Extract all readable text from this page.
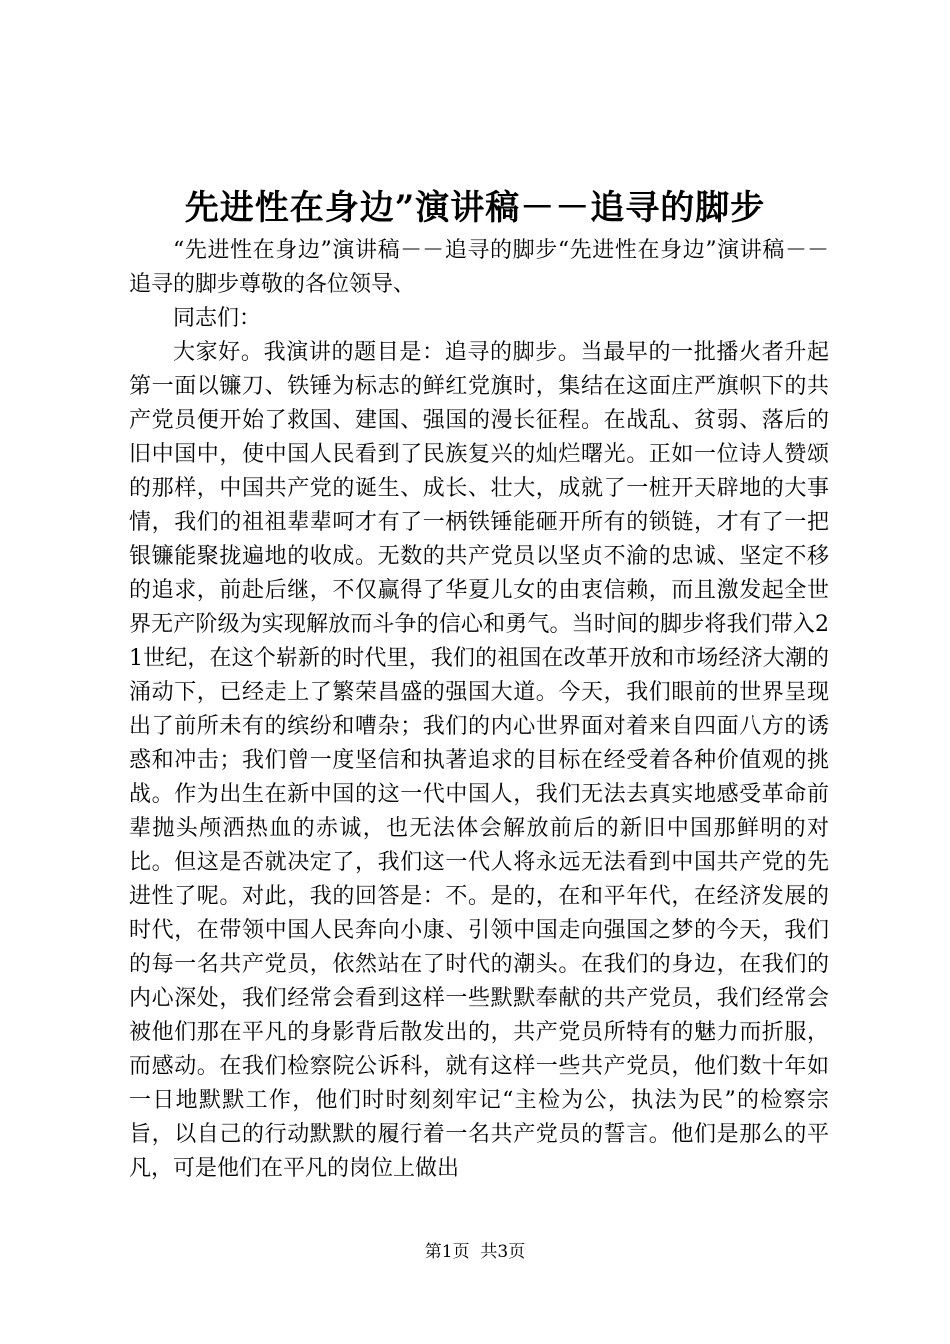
先进性在身边”演讲稿－－追寻的脚步

“先进性在身边”演讲稿－－追寻的脚步“先进性在身边”演讲稿－－追寻的脚步尊敬的各位领导、

同志们：

大家好。我演讲的题目是：追寻的脚步。当最早的一批播火者升起第一面以镰刀、铁锤为标志的鲜红党旗时，集结在这面庄严旗帜下的共产党员便开始了救国、建国、强国的漫长征程。在战乱、贫弱、落后的旧中国中，使中国人民看到了民族复兴的灿烂曙光。正如一位诗人赞颂的那样，中国共产党的诞生、成长、壮大，成就了一桩开天辟地的大事情，我们的祖祖辈辈呵才有了一柄铁锤能砸开所有的锁链，才有了一把银镰能聚拢遍地的收成。无数的共产党员以坚贞不渝的忠诚、坚定不移的追求，前赴后继，不仅赢得了华夏儿女的由衷信赖，而且激发起全世界无产阶级为实现解放而斗争的信心和勇气。当时间的脚步将我们带入21世纪，在这个崭新的时代里，我们的祖国在改革开放和市场经济大潮的涌动下，已经走上了繁荣昌盛的强国大道。今天，我们眼前的世界呈现出了前所未有的缤纷和嘈杂；我们的内心世界面对着来自四面八方的诱惑和冲击；我们曾一度坚信和执著追求的目标在经受着各种价值观的挑战。作为出生在新中国的这一代中国人，我们无法去真实地感受革命前辈抛头颅洒热血的赤诚，也无法体会解放前后的新旧中国那鲜明的对比。但这是否就决定了，我们这一代人将永远无法看到中国共产党的先进性了呢。对此，我的回答是：不。是的，在和平年代，在经济发展的时代，在带领中国人民奔向小康、引领中国走向强国之梦的今天，我们的每一名共产党员，依然站在了时代的潮头。在我们的身边，在我们的内心深处，我们经常会看到这样一些默默奉献的共产党员，我们经常会被他们那在平凡的身影背后散发出的，共产党员所特有的魅力而折服，而感动。在我们检察院公诉科，就有这样一些共产党员，他们数十年如一日地默默工作，他们时时刻刻牢记“主检为公，执法为民”的检察宗旨，以自己的行动默默的履行着一名共产党员的誓言。他们是那么的平凡，可是他们在平凡的岗位上做出

第1页  共3页
